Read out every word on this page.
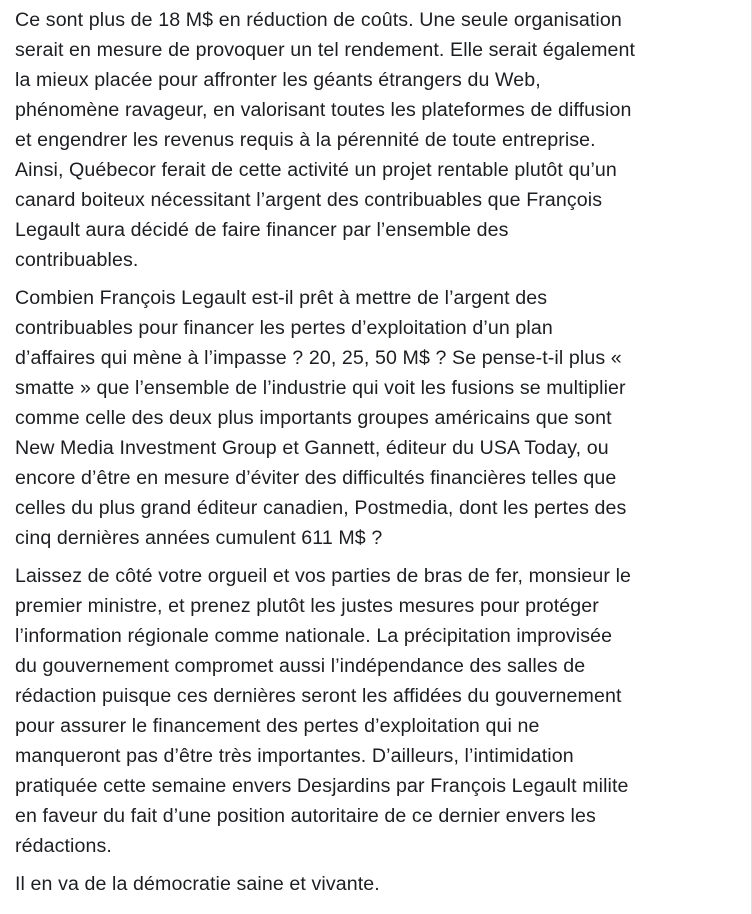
Ce sont plus de 18 M$ en réduction de coûts. Une seule organisation
serait en mesure de provoquer un tel rendement. Elle serait également
la mieux placée pour affronter les géants étrangers du Web,
phénomène ravageur, en valorisant toutes les plateformes de diffusion
et engendrer les revenus requis à la pérennité de toute entreprise.
Ainsi, Québecor ferait de cette activité un projet rentable plutôt qu’un
canard boiteux nécessitant l’argent des contribuables que François
Legault aura décidé de faire financer par l’ensemble des
contribuables.

Combien François Legault est-il prêt à mettre de l’argent des
contribuables pour financer les pertes d’exploitation d’un plan
d’affaires qui mène à l’impasse ? 20, 25, 50 M$ ? Se pense-t-il plus «
smatte » que l’ensemble de l’industrie qui voit les fusions se multiplier
comme celle des deux plus importants groupes américains que sont
New Media Investment Group et Gannett, éditeur du USA Today, ou
encore d’être en mesure d’éviter des difficultés financières telles que
celles du plus grand éditeur canadien, Postmedia, dont les pertes des
cinq dernières années cumulent 611 M$ ?

Laissez de côté votre orgueil et vos parties de bras de fer, monsieur le
premier ministre, et prenez plutôt les justes mesures pour protéger
l’information régionale comme nationale. La précipitation improvisée
du gouvernement compromet aussi l’indépendance des salles de
rédaction puisque ces dernières seront les affidées du gouvernement
pour assurer le financement des pertes d’exploitation qui ne
manqueront pas d’être très importantes. D’ailleurs, l’intimidation
pratiquée cette semaine envers Desjardins par François Legault milite
en faveur du fait d’une position autoritaire de ce dernier envers les
rédactions.

Il en va de la démocratie saine et vivante.
